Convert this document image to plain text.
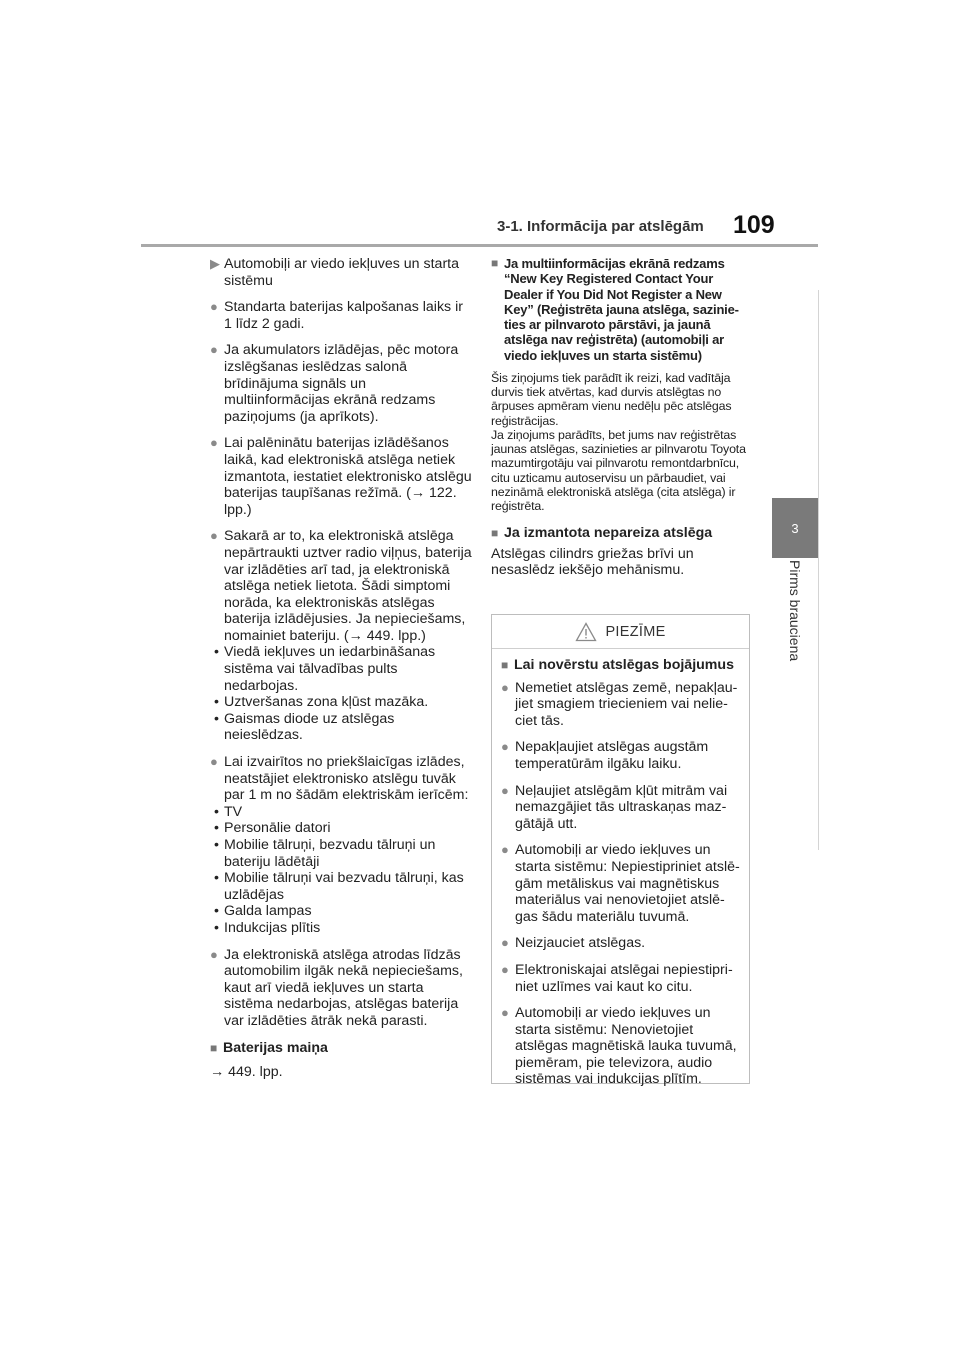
3-1. Informācija par atslēgām 109
3
Pirms brauciena
▶ Automobiļi ar viedo iekļuves un starta sistēmu
● Standarta baterijas kalpošanas laiks ir 1 līdz 2 gadi.
● Ja akumulators izlādējas, pēc motora izslēgšanas ieslēdzas salonā brīdinājuma signāls un multiinformācijas ekrānā redzams paziņojums (ja aprīkots).
● Lai palēninātu baterijas izlādēšanos laikā, kad elektroniskā atslēga netiek izmantota, iestatiet elektronisko atslēgu baterijas taupīšanas režīmā. (→ 122. lpp.)
● Sakarā ar to, ka elektroniskā atslēga nepārtraukti uztver radio viļņus, baterija var izlādēties arī tad, ja elektroniskā atslēga netiek lietota. Šādi simptomi norāda, ka elektroniskās atslēgas baterija izlādējusies. Ja nepieciešams, nomainiet bateriju. (→ 449. lpp.)
• Viedā iekļuves un iedarbināšanas sistēma vai tālvadības pults nedarbojas.
• Uztveršanas zona kļūst mazāka.
• Gaismas diode uz atslēgas neieslēdzas.
● Lai izvairītos no priekšlaicīgas izlādes, neatstājiet elektronisko atslēgu tuvāk par 1 m no šādām elektriskām ierīcēm:
• TV
• Personālie datori
• Mobilie tālruņi, bezvadu tālruņi un bateriju lādētāji
• Mobilie tālruņi vai bezvadu tālruņi, kas uzlādējas
• Galda lampas
• Indukcijas plītis
● Ja elektroniskā atslēga atrodas līdzās automobilim ilgāk nekā nepieciešams, kaut arī viedā iekļuves un starta sistēma nedarbojas, atslēgas baterija var izlādēties ātrāk nekā parasti.
■ Baterijas maiņa
→ 449. lpp.
■ Ja multiinformācijas ekrānā redzams “New Key Registered Contact Your Dealer if You Did Not Register a New Key” (Reģistrēta jauna atslēga, sazinieties ar pilnvaroto pārstāvi, ja jaunā atslēga nav reģistrēta) (automobiļi ar viedo iekļuves un starta sistēmu)
Šis ziņojums tiek parādīt ik reizi, kad vadītāja durvis tiek atvērtas, kad durvis atslēgtas no ārpuses apmēram vienu nedēļu pēc atslēgas reģistrācijas.
Ja ziņojums parādīts, bet jums nav reģistrētas jaunas atslēgas, sazinieties ar pilnvarotu Toyota mazumtirgotāju vai pilnvarotu remontdarbnīcu, citu uzticamu autoservisu un pārbaudiet, vai nezināmā elektroniskā atslēga (cita atslēga) ir reģistrēta.
■ Ja izmantota nepareiza atslēga
Atslēgas cilindrs griežas brīvi un nesaslēdz iekšējo mehānismu.
PIEZĪME
■ Lai novērstu atslēgas bojājumus
● Nemetiet atslēgas zemē, nepakļaujiet smagiem triecieniem vai nelieciet tās.
● Nepakļaujiet atslēgas augstām temperatūrām ilgāku laiku.
● Neļaujiet atslēgām kļūt mitrām vai nemazgājiet tās ultraskaņas mazgātājā utt.
● Automobiļi ar viedo iekļuves un starta sistēmu: Nepiestipriniet atslēgām metāliskus vai magnētiskus materiālus vai nenovietojiet atslēgas šādu materiālu tuvumā.
● Neizjauciet atslēgas.
● Elektroniskajai atslēgai nepiestipriniet uzlīmes vai kaut ko citu.
● Automobiļi ar viedo iekļuves un starta sistēmu: Nenovietojiet atslēgas magnētiskā lauka tuvumā, piemēram, pie televizora, audio sistēmas vai indukcijas plītīm.
